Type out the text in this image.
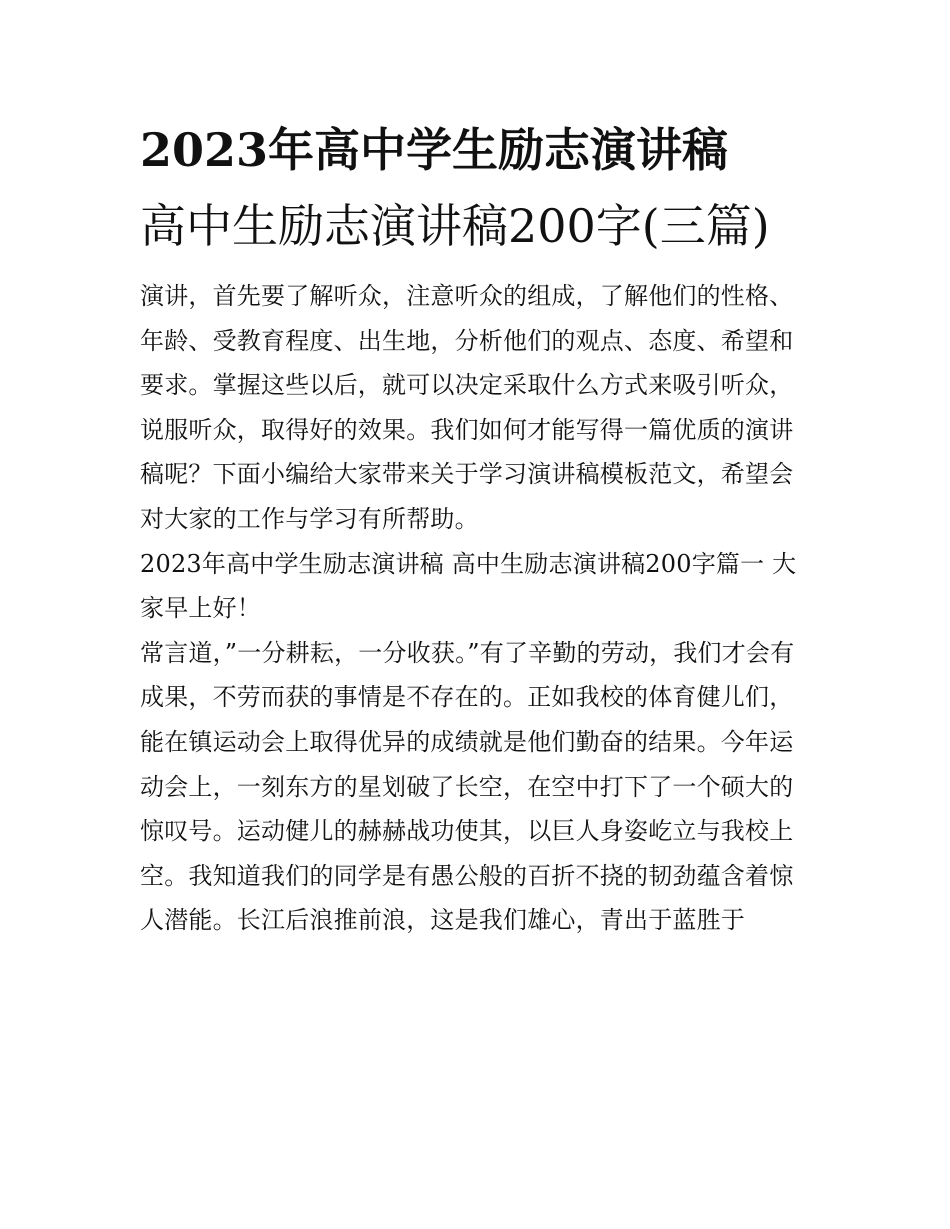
2023年高中学生励志演讲稿
高中生励志演讲稿200字(三篇)

演讲，首先要了解听众，注意听众的组成，了解他们的性格、年龄、受教育程度、出生地，分析他们的观点、态度、希望和要求。掌握这些以后，就可以决定采取什么方式来吸引听众，说服听众，取得好的效果。我们如何才能写得一篇优质的演讲稿呢？下面小编给大家带来关于学习演讲稿模板范文，希望会对大家的工作与学习有所帮助。

2023年高中学生励志演讲稿 高中生励志演讲稿200字篇一 大家早上好！

常言道，”一分耕耘，一分收获。”有了辛勤的劳动，我们才会有成果，不劳而获的事情是不存在的。正如我校的体育健儿们，能在镇运动会上取得优异的成绩就是他们勤奋的结果。今年运动会上，一刻东方的星划破了长空，在空中打下了一个硕大的惊叹号。运动健儿的赫赫战功使其，以巨人身姿屹立与我校上空。我知道我们的同学是有愚公般的百折不挠的韧劲蕴含着惊人潜能。长江后浪推前浪，这是我们雄心，青出于蓝胜于
